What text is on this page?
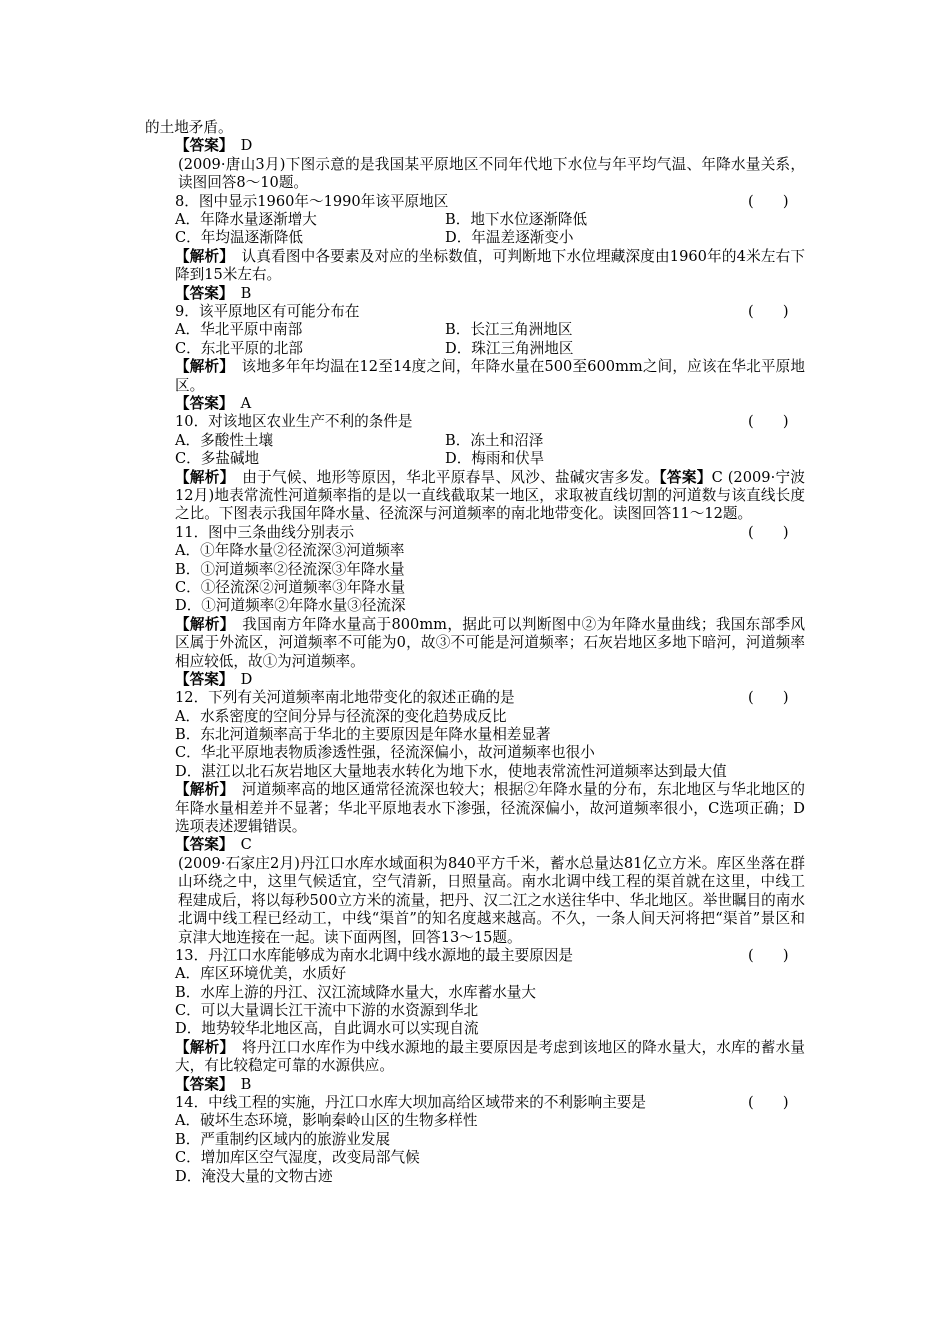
的土地矛盾。
【答案】　D
(2009·唐山3月)下图示意的是我国某平原地区不同年代地下水位与年平均气温、年降水量关系，读图回答8～10题。
8．图中显示1960年～1990年该平原地区	(　　)
A．年降水量逐渐增大	B．地下水位逐渐降低
C．年均温逐渐降低	D．年温差逐渐变小
【解析】　认真看图中各要素及对应的坐标数值，可判断地下水位埋藏深度由1960年的4米左右下降到15米左右。
【答案】　B
9．该平原地区有可能分布在	(　　)
A．华北平原中南部	B．长江三角洲地区
C．东北平原的北部	D．珠江三角洲地区
【解析】　该地多年年均温在12至14度之间，年降水量在500至600mm之间，应该在华北平原地区。
【答案】　A
10．对该地区农业生产不利的条件是	(　　)
A．多酸性土壤	B．冻土和沼泽
C．多盐碱地	D．梅雨和伏旱
【解析】　由于气候、地形等原因，华北平原春旱、风沙、盐碱灾害多发。【答案】C (2009·宁波12月)地表常流性河道频率指的是以一直线截取某一地区，求取被直线切割的河道数与该直线长度之比。下图表示我国年降水量、径流深与河道频率的南北地带变化。读图回答11～12题。
11．图中三条曲线分别表示	(　　)
A．①年降水量②径流深③河道频率
B．①河道频率②径流深③年降水量
C．①径流深②河道频率③年降水量
D．①河道频率②年降水量③径流深
【解析】　我国南方年降水量高于800mm，据此可以判断图中②为年降水量曲线；我国东部季风区属于外流区，河道频率不可能为0，故③不可能是河道频率；石灰岩地区多地下暗河，河道频率相应较低，故①为河道频率。
【答案】　D
12．下列有关河道频率南北地带变化的叙述正确的是	(　　)
A．水系密度的空间分异与径流深的变化趋势成反比
B．东北河道频率高于华北的主要原因是年降水量相差显著
C．华北平原地表物质渗透性强，径流深偏小，故河道频率也很小
D．湛江以北石灰岩地区大量地表水转化为地下水，使地表常流性河道频率达到最大值
【解析】　河道频率高的地区通常径流深也较大；根据②年降水量的分布，东北地区与华北地区的年降水量相差并不显著；华北平原地表水下渗强，径流深偏小，故河道频率很小，C选项正确；D选项表述逻辑错误。
【答案】　C
(2009·石家庄2月)丹江口水库水域面积为840平方千米，蓄水总量达81亿立方米。库区坐落在群山环绕之中，这里气候适宜，空气清新，日照量高。南水北调中线工程的渠首就在这里，中线工程建成后，将以每秒500立方米的流量，把丹、汉二江之水送往华中、华北地区。举世瞩目的南水北调中线工程已经动工，中线“渠首”的知名度越来越高。不久，一条人间天河将把“渠首”景区和京津大地连接在一起。读下面两图，回答13～15题。
13．丹江口水库能够成为南水北调中线水源地的最主要原因是	(　　)
A．库区环境优美，水质好
B．水库上游的丹江、汉江流域降水量大，水库蓄水量大
C．可以大量调长江干流中下游的水资源到华北
D．地势较华北地区高，自此调水可以实现自流
【解析】　将丹江口水库作为中线水源地的最主要原因是考虑到该地区的降水量大，水库的蓄水量大，有比较稳定可靠的水源供应。
【答案】　B
14．中线工程的实施，丹江口水库大坝加高给区域带来的不利影响主要是	(　　)
A．破坏生态环境，影响秦岭山区的生物多样性
B．严重制约区域内的旅游业发展
C．增加库区空气湿度，改变局部气候
D．淹没大量的文物古迹
